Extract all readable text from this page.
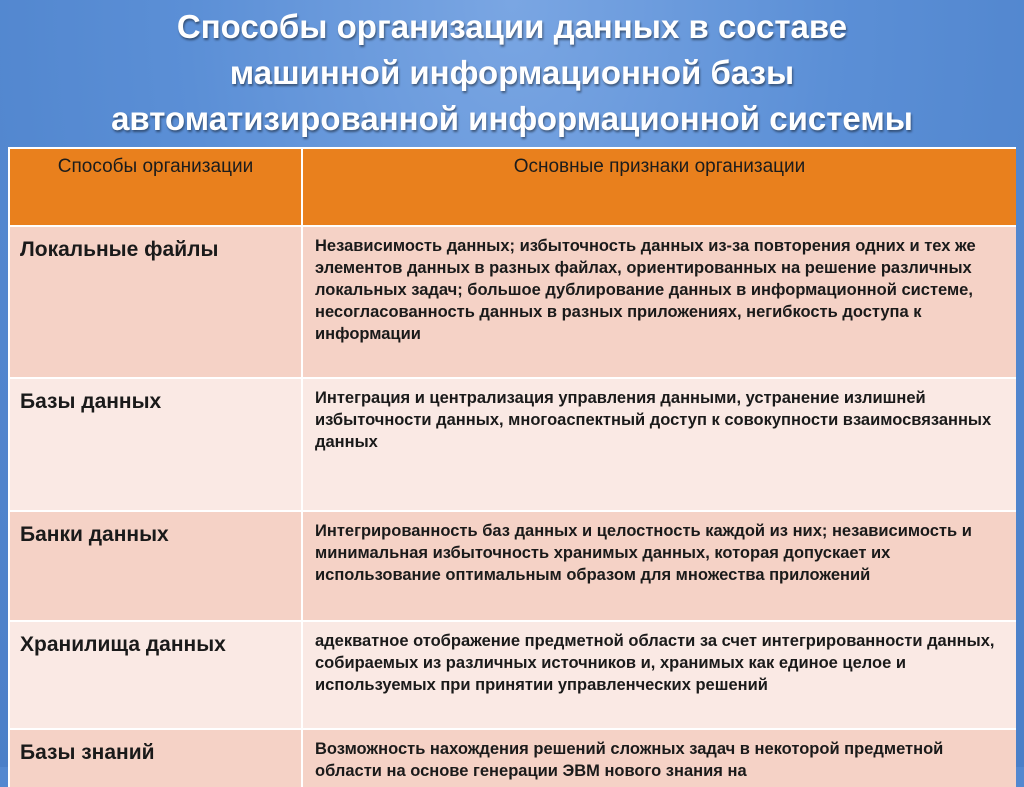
Способы организации данных в составе
машинной информационной базы
автоматизированной информационной системы
Способы организации	Основные признаки организации
Локальные файлы	Независимость данных; избыточность данных из-за повторения одних и тех же элементов данных в разных файлах, ориентированных на решение различных локальных задач; большое дублирование данных в информационной системе, несогласованность данных в разных приложениях, негибкость доступа к информации
Базы данных	Интеграция и централизация управления данными, устранение излишней избыточности данных, многоаспектный доступ к совокупности взаимосвязанных данных
Банки данных	Интегрированность баз данных и целостность каждой из них; независимость и минимальная избыточность хранимых данных, которая допускает их использование оптимальным образом для множества приложений
Хранилища данных	адекватное отображение предметной области за счет интегрированности данных, собираемых из различных источников и, хранимых как единое целое и используемых при принятии управленческих решений
Базы знаний	Возможность нахождения решений сложных задач в некоторой предметной области на основе генерации ЭВМ нового знания на
